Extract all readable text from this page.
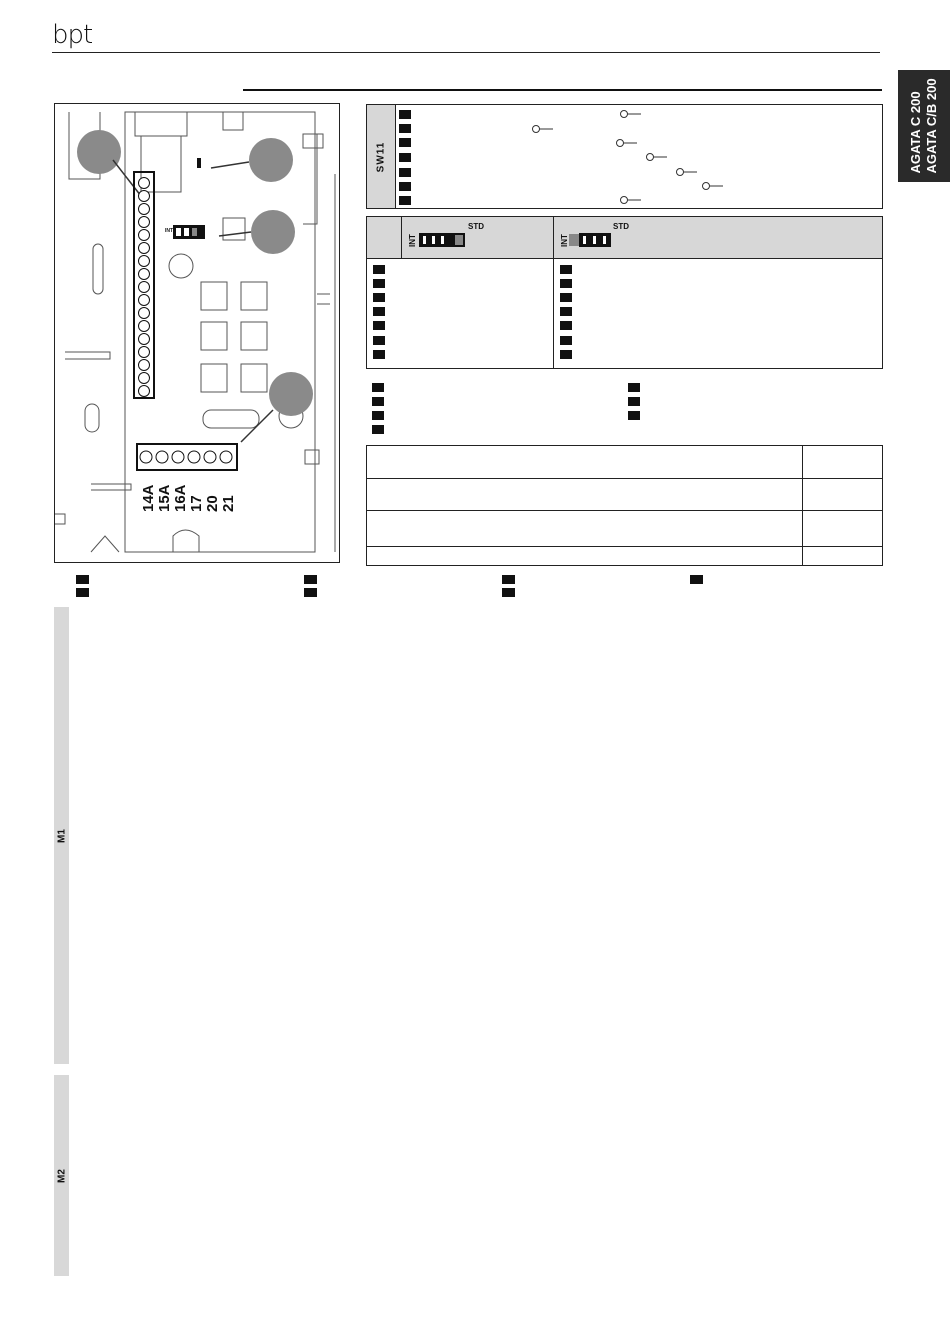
bpt
AGATA C 200 AGATA C/B 200
14A 15A 16A 17 20 21
INT
SW11
INT
STD
INT
STD
M1
M2
